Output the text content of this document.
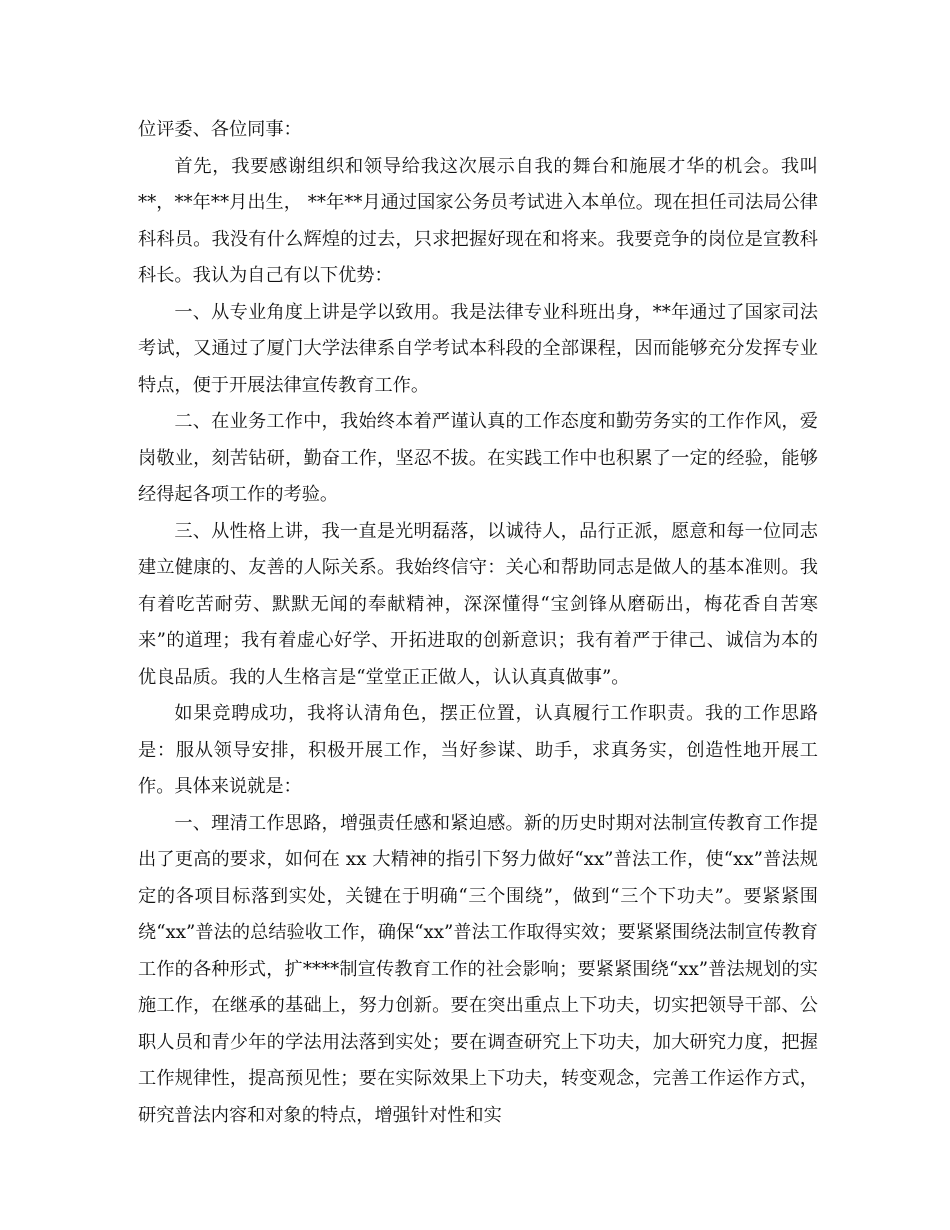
位评委、各位同事：

首先，我要感谢组织和领导给我这次展示自我的舞台和施展才华的机会。我叫**，**年**月出生， **年**月通过国家公务员考试进入本单位。现在担任司法局公律科科员。我没有什么辉煌的过去，只求把握好现在和将来。我要竞争的岗位是宣教科科长。我认为自己有以下优势：

一、从专业角度上讲是学以致用。我是法律专业科班出身，**年通过了国家司法考试，又通过了厦门大学法律系自学考试本科段的全部课程，因而能够充分发挥专业特点，便于开展法律宣传教育工作。

二、在业务工作中，我始终本着严谨认真的工作态度和勤劳务实的工作作风，爱岗敬业，刻苦钻研，勤奋工作，坚忍不拔。在实践工作中也积累了一定的经验，能够经得起各项工作的考验。

三、从性格上讲，我一直是光明磊落，以诚待人，品行正派，愿意和每一位同志建立健康的、友善的人际关系。我始终信守：关心和帮助同志是做人的基本准则。我有着吃苦耐劳、默默无闻的奉献精神，深深懂得“宝剑锋从磨砺出，梅花香自苦寒来”的道理；我有着虚心好学、开拓进取的创新意识；我有着严于律己、诚信为本的优良品质。我的人生格言是“堂堂正正做人，认认真真做事”。

如果竞聘成功，我将认清角色，摆正位置，认真履行工作职责。我的工作思路是：服从领导安排，积极开展工作，当好参谋、助手，求真务实，创造性地开展工作。具体来说就是：

一、理清工作思路，增强责任感和紧迫感。新的历史时期对法制宣传教育工作提出了更高的要求，如何在 xx 大精神的指引下努力做好“xx”普法工作，使“xx”普法规定的各项目标落到实处，关键在于明确“三个围绕”，做到“三个下功夫”。要紧紧围绕“xx”普法的总结验收工作，确保“xx”普法工作取得实效；要紧紧围绕法制宣传教育工作的各种形式，扩****制宣传教育工作的社会影响；要紧紧围绕“xx”普法规划的实施工作，在继承的基础上，努力创新。要在突出重点上下功夫，切实把领导干部、公职人员和青少年的学法用法落到实处；要在调查研究上下功夫，加大研究力度，把握工作规律性，提高预见性；要在实际效果上下功夫，转变观念，完善工作运作方式，研究普法内容和对象的特点，增强针对性和实
